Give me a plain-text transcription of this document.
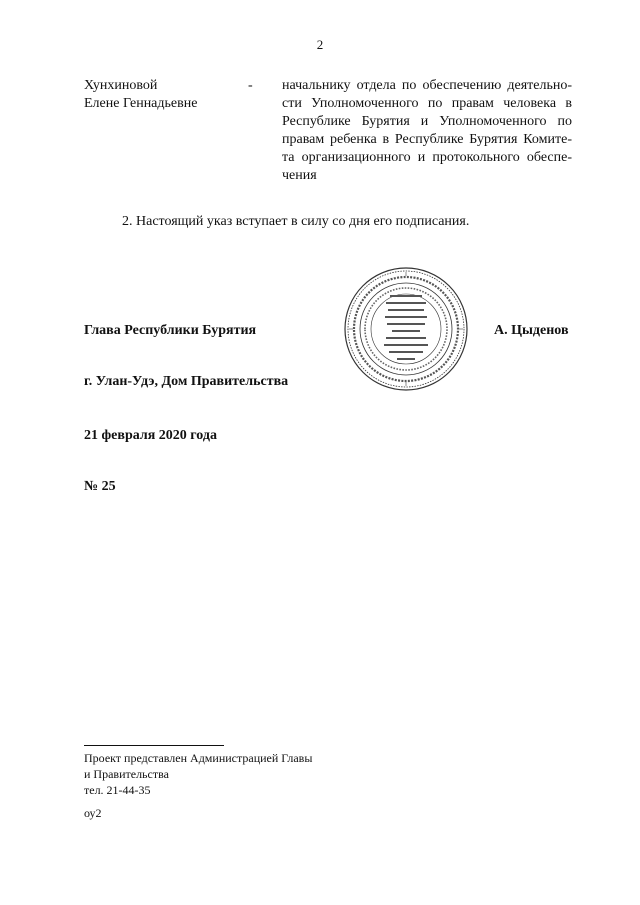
2
Хунхиновой
Елене Геннадьевне
- начальнику отдела по обеспечению деятельно-
сти Уполномоченного по правам человека в
Республике Бурятия и Уполномоченного по
правам ребенка в Республике Бурятия Комите-
та организационного и протокольного обеспе-
чения
2. Настоящий указ вступает в силу со дня его подписания.
Глава Республики Бурятия	А. Цыденов
г. Улан-Удэ, Дом Правительства
21 февраля 2020 года
№ 25
Проект представлен Администрацией Главы
и Правительства
тел. 21-44-35
оу2
